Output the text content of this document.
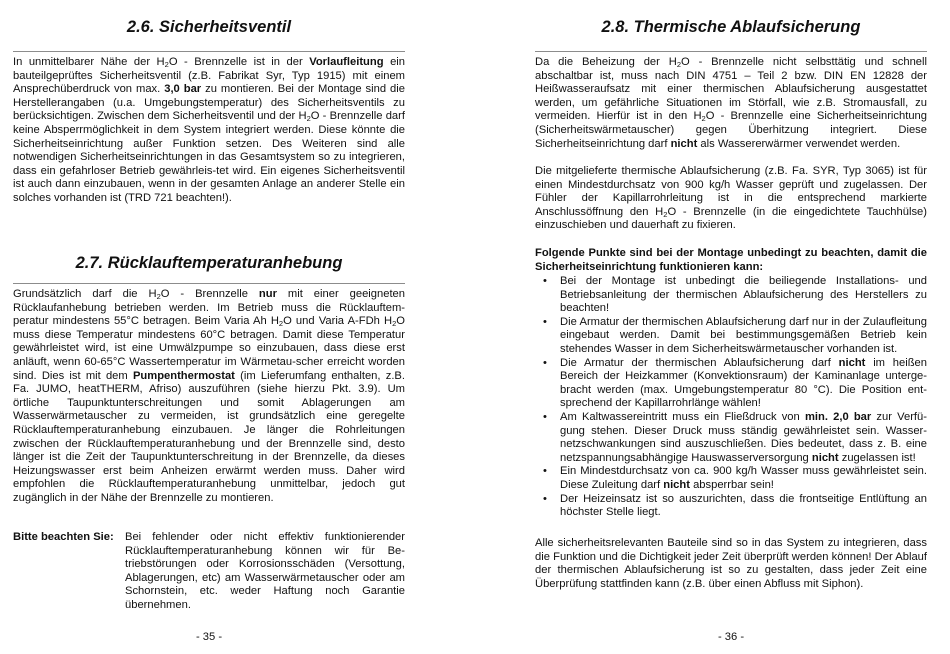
2.6. Sicherheitsventil

In unmittelbarer Nähe der $H_2O$ - Brennzelle ist in der Vorlaufleitung ein bauteilgeprüftes Sicherheitsventil (z.B. Fabrikat Syr, Typ 1915) mit einem Ansprechüberdruck von max. 3,0 bar zu montieren. Bei der Montage sind die Herstellerangaben (u.a. Umgebungstemperatur) des Sicherheitsventils zu berücksichtigen. Zwischen dem Sicherheitsventil und der $H_2O$ - Brennzelle darf keine Absperrmöglichkeit in dem System integriert werden. Diese könnte die Sicherheitseinrichtung außer Funktion setzen. Des Weiteren sind alle notwendigen Sicherheitseinrichtungen in das Gesamtsystem so zu integrieren, dass ein gefahrloser Betrieb gewährleis-tet wird. Ein eigenes Sicherheitsventil ist auch dann einzubauen, wenn in der gesamten Anlage an anderer Stelle ein solches vorhanden ist (TRD 721 beachten!).

2.7. Rücklauftemperaturanhebung

Grundsätzlich darf die $H_2O$ - Brennzelle nur mit einer geeigneten Rücklaufanhebung betrieben werden. Im Betrieb muss die Rücklauftem-peratur mindestens 55°C betragen. Beim Varia Ah $H_2O$ und Varia A-FDh $H_2O$ muss diese Temperatur mindestens 60°C betragen. Damit diese Temperatur gewährleistet wird, ist eine Umwälzpumpe so einzubauen, dass diese erst anläuft, wenn 60-65°C Wassertemperatur im Wärmetau-scher erreicht worden sind. Dies ist mit dem Pumpenthermostat (im Lieferumfang enthalten, z.B. Fa. JUMO, heatTHERM, Afriso) auszuführen (siehe hierzu Pkt. 3.9). Um örtliche Taupunktunterschreitungen und somit Ablagerungen am Wasserwärmetauscher zu vermeiden, ist grundsätzlich eine geregelte Rücklauftemperaturanhebung einzubauen. Je länger die Rohrleitungen zwischen der Rücklauftemperaturanhebung und der Brennzelle sind, desto länger ist die Zeit der Taupunktunterschreitung in der Brennzelle, da dieses Heizungswasser erst beim Anheizen erwärmt werden muss. Daher wird empfohlen die Rücklauftemperaturanhebung unmittelbar, jedoch gut zugänglich in der Nähe der Brennzelle zu montieren.

Bitte beachten Sie:	Bei fehlender oder nicht effektiv funktionierender Rücklauftemperaturanhebung können wir für Be-triebstörungen oder Korrosionsschäden (Versottung, Ablagerungen, etc) am Wasserwärmetauscher oder am Schornstein, etc. weder Haftung noch Garantie übernehmen.
- 35 -
2.8. Thermische Ablaufsicherung

Da die Beheizung der $H_2O$ - Brennzelle nicht selbsttätig und schnell abschaltbar ist, muss nach DIN 4751 – Teil 2 bzw. DIN EN 12828 der Heißwasseraufsatz mit einer thermischen Ablaufsicherung ausgestattet werden, um gefährliche Situationen im Störfall, wie z.B. Stromausfall, zu vermeiden. Hierfür ist in den $H_2O$ - Brennzelle eine Sicherheitseinrichtung (Sicherheitswärmetauscher) gegen Überhitzung integriert. Diese Sicherheitseinrichtung darf nicht als Wassererwärmer verwendet werden.

Die mitgelieferte thermische Ablaufsicherung (z.B. Fa. SYR, Typ 3065) ist für einen Mindestdurchsatz von 900 kg/h Wasser geprüft und zugelassen. Der Fühler der Kapillarrohrleitung ist in die entsprechend markierte Anschlussöffnung den $H_2O$ - Brennzelle (in die eingedichtete Tauchhülse) einzuschieben und dauerhaft zu fixieren.

Folgende Punkte sind bei der Montage unbedingt zu beachten, damit die Sicherheitseinrichtung funktionieren kann:

• Bei der Montage ist unbedingt die beiliegende Installations- und Betriebsanleitung der thermischen Ablaufsicherung des Herstellers zu beachten!
• Die Armatur der thermischen Ablaufsicherung darf nur in der Zulaufleitung eingebaut werden. Damit bei bestimmungsgemäßen Betrieb kein stehendes Wasser in dem Sicherheitswärmetauscher vorhanden ist.
• Die Armatur der thermischen Ablaufsicherung darf nicht im heißen Bereich der Heizkammer (Konvektionsraum) der Kaminanlage unterge-bracht werden (max. Umgebungstemperatur 80 °C). Die Position ent-sprechend der Kapillarrohrlänge wählen!
• Am Kaltwassereintritt muss ein Fließdruck von min. 2,0 bar zur Verfü-gung stehen. Dieser Druck muss ständig gewährleistet sein. Wasser-netzschwankungen sind auszuschließen. Dies bedeutet, dass z. B. eine netzspannungsabhängige Hauswasserversorgung nicht zugelassen ist!
• Ein Mindestdurchsatz von ca. 900 kg/h Wasser muss gewährleistet sein. Diese Zuleitung darf nicht absperrbar sein!
• Der Heizeinsatz ist so auszurichten, dass die frontseitige Entlüftung an höchster Stelle liegt.

Alle sicherheitsrelevanten Bauteile sind so in das System zu integrieren, dass die Funktion und die Dichtigkeit jeder Zeit überprüft werden können! Der Ablauf der thermischen Ablaufsicherung ist so zu gestalten, dass jeder Zeit eine Überprüfung stattfinden kann (z.B. über einen Abfluss mit Siphon).

- 36 -
